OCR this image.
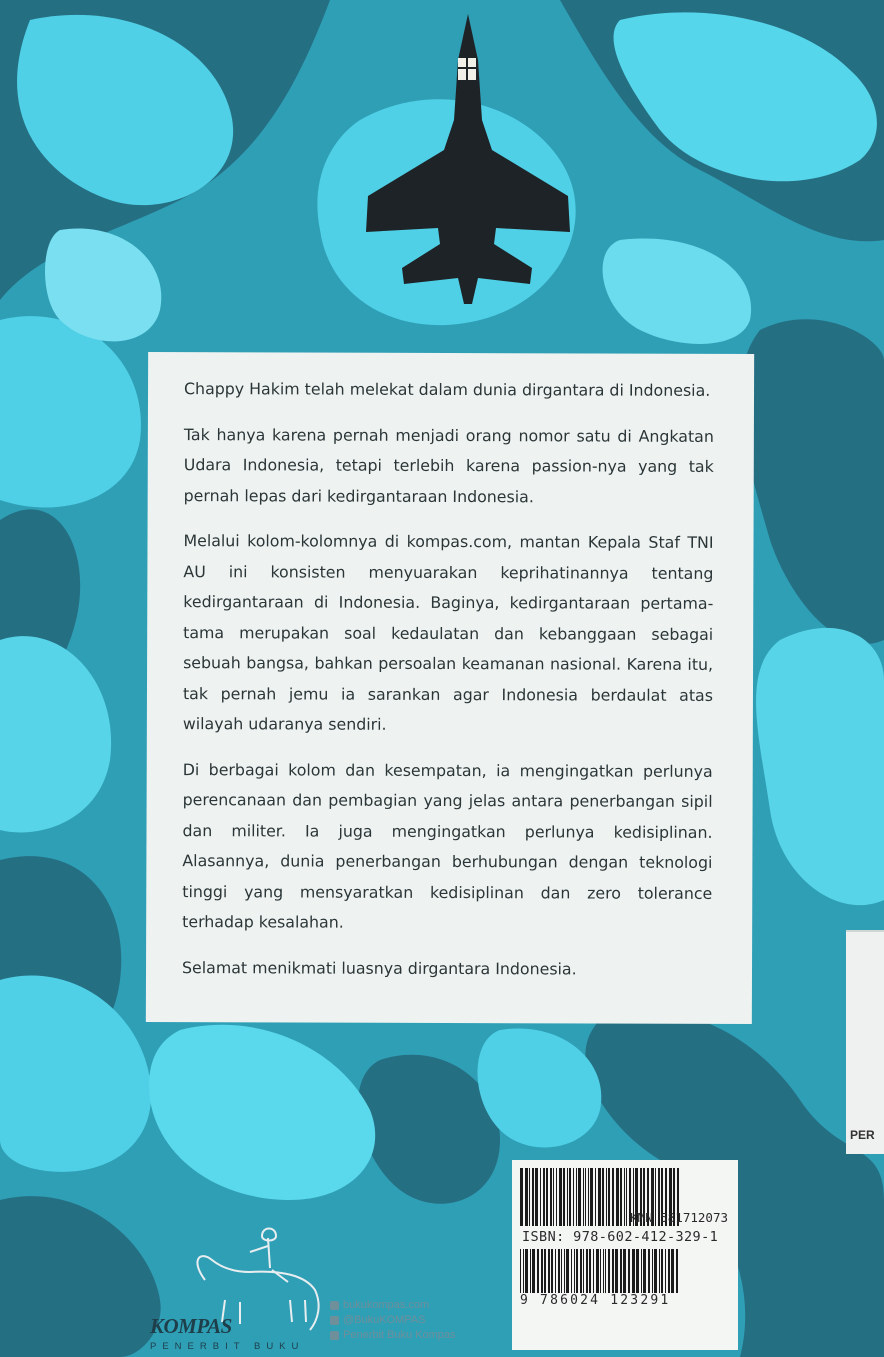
Chappy Hakim telah melekat dalam dunia dirgantara di Indonesia.

Tak hanya karena pernah menjadi orang nomor satu di Angkatan Udara Indonesia, tetapi terlebih karena passion-nya yang tak pernah lepas dari kedirgantaraan Indonesia.

Melalui kolom-kolomnya di kompas.com, mantan Kepala Staf TNI AU ini konsisten menyuarakan keprihatinannya tentang kedirgantaraan di Indonesia. Baginya, kedirgantaraan pertama-tama merupakan soal kedaulatan dan kebanggaan sebagai sebuah bangsa, bahkan persoalan keamanan nasional. Karena itu, tak pernah jemu ia sarankan agar Indonesia berdaulat atas wilayah udaranya sendiri.

Di berbagai kolom dan kesempatan, ia mengingatkan perlunya perencanaan dan pembagian yang jelas antara penerbangan sipil dan militer. Ia juga mengingatkan perlunya kedisiplinan. Alasannya, dunia penerbangan berhubungan dengan teknologi tinggi yang mensyaratkan kedisiplinan dan zero tolerance terhadap kesalahan.

Selamat menikmati luasnya dirgantara Indonesia.

PER
KMN 581712073
ISBN: 978-602-412-329-1
9 786024 123291
KOMPAS
PENERBIT BUKU
bukukompas.com
@BukuKOMPAS
Penerbit Buku Kompas
